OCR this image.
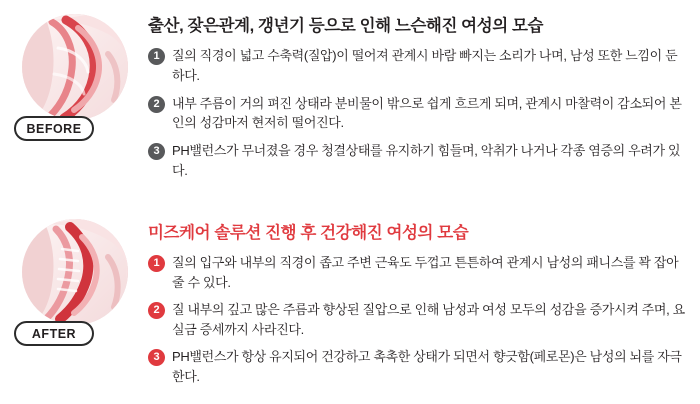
BEFORE
출산, 잦은관계, 갱년기 등으로 인해 느슨해진 여성의 모습
1 질의 직경이 넓고 수축력(질압)이 떨어져 관계시 바람 빠지는 소리가 나며, 남성 또한 느낌이 둔하다.
2 내부 주름이 거의 펴진 상태라 분비물이 밖으로 쉽게 흐르게 되며, 관계시 마찰력이 감소되어 본인의 성감마저 현저히 떨어진다.
3 PH밸런스가 무너졌을 경우 청결상태를 유지하기 힘들며, 악취가 나거나 각종 염증의 우려가 있다.
AFTER
미즈케어 솔루션 진행 후 건강해진 여성의 모습
1 질의 입구와 내부의 직경이 좁고 주변 근육도 두껍고 튼튼하여 관계시 남성의 패니스를 꽉 잡아줄 수 있다.
2 질 내부의 깊고 많은 주름과 향상된 질압으로 인해 남성과 여성 모두의 성감을 증가시켜 주며, 요실금 증세까지 사라진다.
3 PH밸런스가 항상 유지되어 건강하고 촉촉한 상태가 되면서 향긋함(페로몬)은 남성의 뇌를 자극한다.
